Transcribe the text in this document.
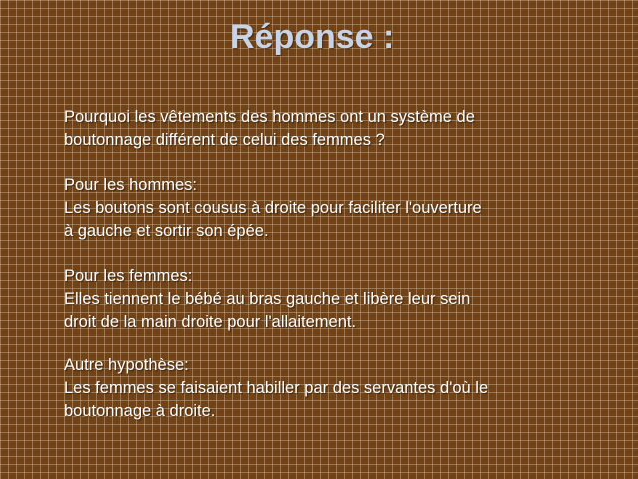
Réponse :

Pourquoi les vêtements des hommes ont un système de
boutonnage différent de celui des femmes ?

Pour les hommes:
Les boutons sont cousus à droite pour faciliter l'ouverture
à gauche et sortir son épée.

Pour les femmes:
Elles tiennent le bébé au bras gauche et libère leur sein
droit de la main droite pour l'allaitement.

Autre hypothèse:
Les femmes se faisaient habiller par des servantes d'où le
boutonnage à droite.
